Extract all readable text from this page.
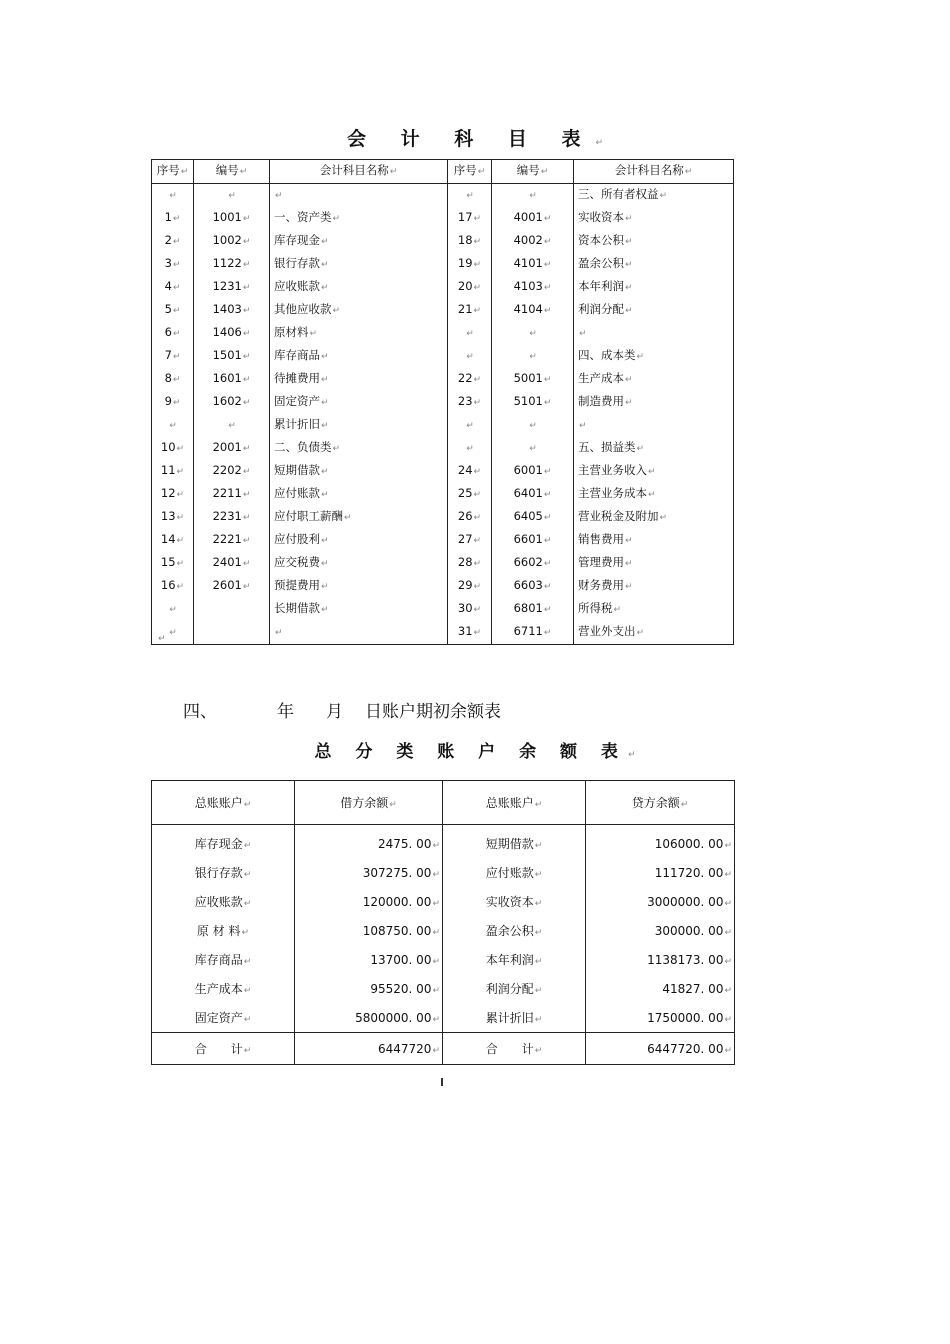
会 计 科 目 表↵
序号↵	编号↵	会计科目名称↵	序号↵	编号↵	会计科目名称↵
↵	↵	↵	↵	↵	三、所有者权益↵
1↵	1001↵	一、资产类↵	17↵	4001↵	实收资本↵
2↵	1002↵	库存现金↵	18↵	4002↵	资本公积↵
3↵	1122↵	银行存款↵	19↵	4101↵	盈余公积↵
4↵	1231↵	应收账款↵	20↵	4103↵	本年利润↵
5↵	1403↵	其他应收款↵	21↵	4104↵	利润分配↵
6↵	1406↵	原材料↵	↵	↵	↵
7↵	1501↵	库存商品↵	↵	↵	四、成本类↵
8↵	1601↵	待摊费用↵	22↵	5001↵	生产成本↵
9↵	1602↵	固定资产↵	23↵	5101↵	制造费用↵
↵	↵	累计折旧↵	↵	↵	↵
10↵	2001↵	二、负债类↵	↵	↵	五、损益类↵
11↵	2202↵	短期借款↵	24↵	6001↵	主营业务收入↵
12↵	2211↵	应付账款↵	25↵	6401↵	主营业务成本↵
13↵	2231↵	应付职工薪酬↵	26↵	6405↵	营业税金及附加↵
14↵	2221↵	应付股利↵	27↵	6601↵	销售费用↵
15↵	2401↵	应交税费↵	28↵	6602↵	管理费用↵
16↵	2601↵	预提费用↵	29↵	6603↵	财务费用↵
↵		长期借款↵	30↵	6801↵	所得税↵
↵		↵	31↵	6711↵	营业外支出↵
↵
四、	年 月 日账户期初余额表
总 分 类 账 户 余 额 表↵
总账账户↵	借方余额↵	总账账户↵	贷方余额↵
库存现金↵	2475. 00↵	短期借款↵	106000. 00↵
银行存款↵	307275. 00↵	应付账款↵	111720. 00↵
应收账款↵	120000. 00↵	实收资本↵	3000000. 00↵
原 材 料↵	108750. 00↵	盈余公积↵	300000. 00↵
库存商品↵	13700. 00↵	本年利润↵	1138173. 00↵
生产成本↵	95520. 00↵	利润分配↵	41827. 00↵
固定资产↵	5800000. 00↵	累计折旧↵	1750000. 00↵
合　　计↵	6447720↵	合　　计↵	6447720. 00↵
